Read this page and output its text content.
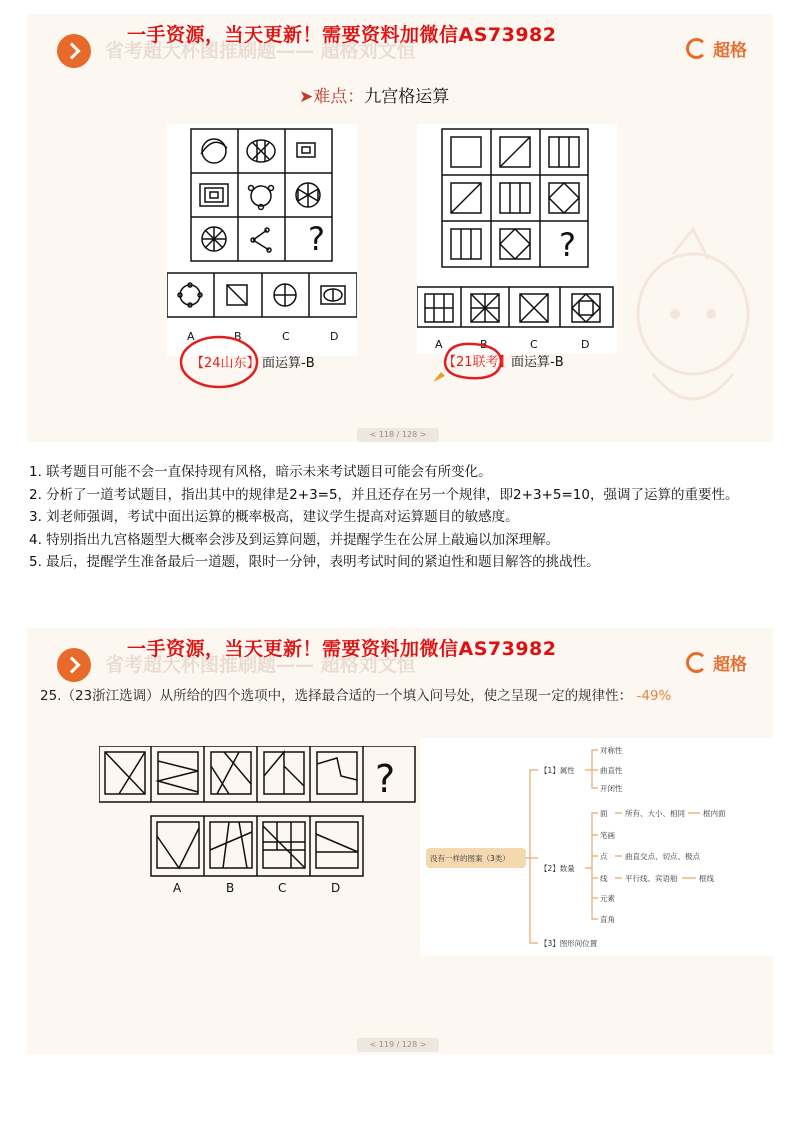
省考超大杯图推刷题—— 超格刘文恒
一手资源，当天更新！需要资料加微信AS73982
超格
➤难点：九宫格运算
?
A	B	C	D
【24山东】 面运算-B
?
A	B	C	D
【21联考】 面运算-B
< 118 / 128 >
1. 联考题目可能不会一直保持现有风格，暗示未来考试题目可能会有所变化。
2. 分析了一道考试题目，指出其中的规律是2+3=5，并且还存在另一个规律，即2+3+5=10，强调了运算的重要性。
3. 刘老师强调，考试中面出运算的概率极高，建议学生提高对运算题目的敏感度。
4. 特别指出九宫格题型大概率会涉及到运算问题，并提醒学生在公屏上敲遍以加深理解。
5. 最后，提醒学生准备最后一道题，限时一分钟，表明考试时间的紧迫性和题目解答的挑战性。
省考超大杯图推刷题—— 超格刘文恒
一手资源，当天更新！需要资料加微信AS73982
超格
?
A	B	C	D
< 119 / 128 >
25.（23浙江选调）从所给的四个选项中，选择最合适的一个填入问号处，使之呈现一定的规律性： -49%
没有一样的图案（3类）
【1】属性
【2】数量
【3】图形间位置
对称性
曲直性
开闭性
面
笔画
点
线
元素
直角
所有、大小、相同 框内面
曲直交点、切点、极点
平行线、宾语舶	框线
